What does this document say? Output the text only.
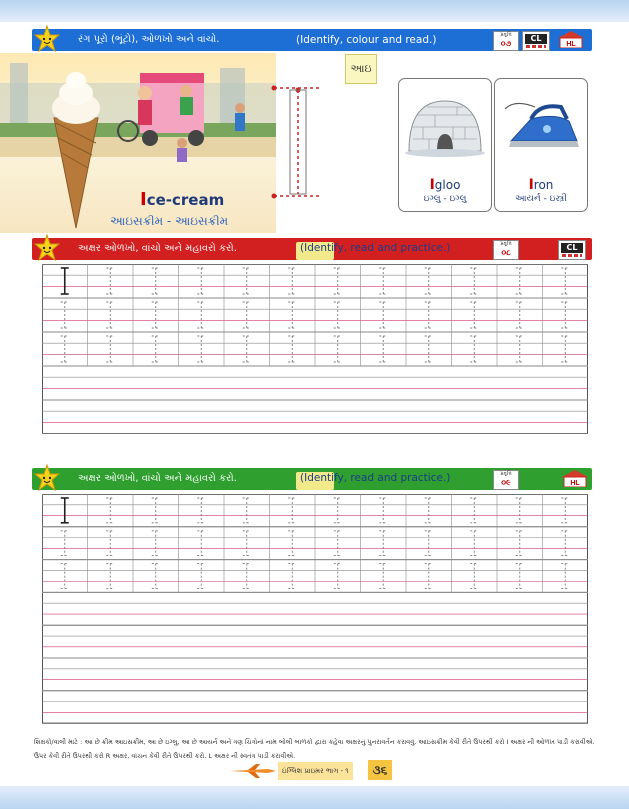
રંગ પૂરો (ભૂંટો), ઓળખો અને વાંચો.	(Identify, colour and read.)	પ્રવૃત્તિ
૦૭
CL
HL
Ice-cream
આઇસક્રીમ - આઇસક્રીમ
આઇ
Igloo
ઇગ્લુ - ઇગ્લુ
Iron
આયર્ન - ઇસ્ત્રી
અક્ષર ઓળખો, વાંચો અને મહાવરો કરો.	(Identify, read and practice.)	પ્રવૃત્તિ
૦૮
CL
અક્ષર ઓળખો, વાંચો અને મહાવરો કરો.	(Identify, read and practice.)	પ્રવૃત્તિ
૦૯	HL
શિક્ષકો/વાલી માટે : આ છે ક્રીમ આઇસક્રીમ, આ છે ઇગ્લુ, આ છે આયર્ન અને ત્રણ ચિત્રોનાં નામ બોલી બાળકો દ્વારા કહેવા અક્ષરનું પુનરાવર્તન કરાવવું. આઇસક્રીમ કેવી રીતે ઉપરથી કરો I અક્ષર ની ઓળખ પાડી કરાવીએ. ઉપર કેવી રીતે ઉપરથી કરો R અક્ષર, વાંચન કેવી રીતે ઉપરથી કરો. L અક્ષર ની સ્વતંત્ર પાડી કરાવીએ.
ઇંગ્લિશ પ્રાઇમર ભાગ - ૧	૩૬
